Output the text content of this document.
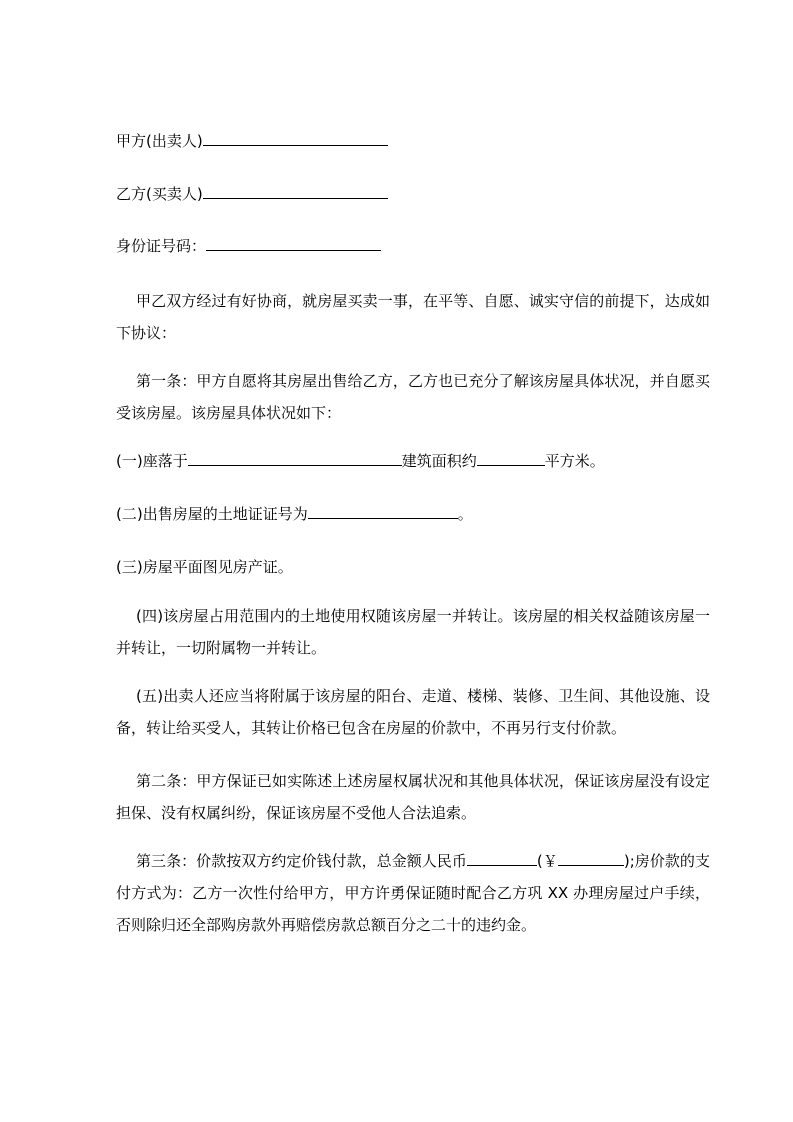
甲方(出卖人)
乙方(买卖人)
身份证号码：
甲乙双方经过有好协商，就房屋买卖一事，在平等、自愿、诚实守信的前提下，达成如下协议：
第一条：甲方自愿将其房屋出售给乙方，乙方也已充分了解该房屋具体状况，并自愿买受该房屋。该房屋具体状况如下：
(一)座落于	建筑面积约	平方米。
(二)出售房屋的土地证证号为	。
(三)房屋平面图见房产证。
(四)该房屋占用范围内的土地使用权随该房屋一并转让。该房屋的相关权益随该房屋一并转让，一切附属物一并转让。
(五)出卖人还应当将附属于该房屋的阳台、走道、楼梯、装修、卫生间、其他设施、设备，转让给买受人，其转让价格已包含在房屋的价款中，不再另行支付价款。
第二条：甲方保证已如实陈述上述房屋权属状况和其他具体状况，保证该房屋没有设定担保、没有权属纠纷，保证该房屋不受他人合法追索。
第三条：价款按双方约定价钱付款，总金额人民币	(￥	);房价款的支付方式为：乙方一次性付给甲方，甲方许勇保证随时配合乙方巩 XX 办理房屋过户手续，否则除归还全部购房款外再赔偿房款总额百分之二十的违约金。
